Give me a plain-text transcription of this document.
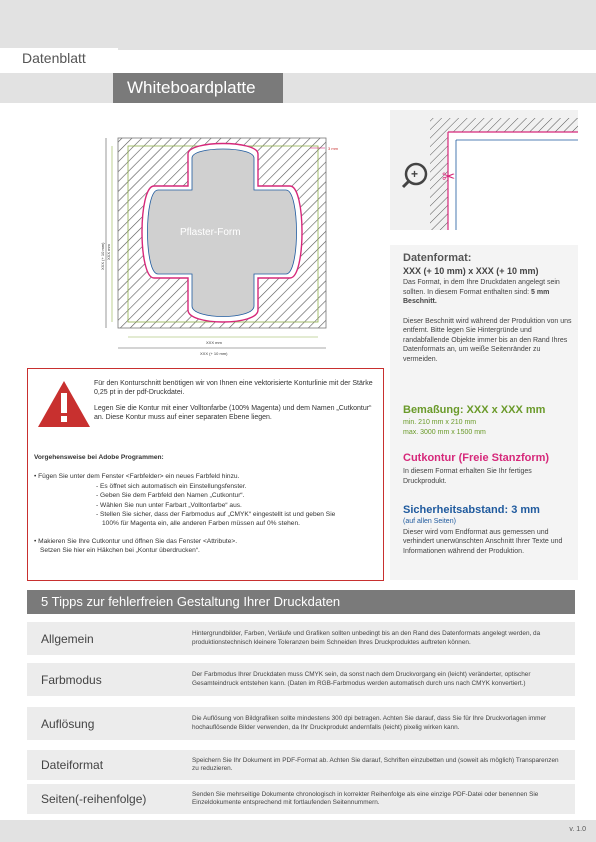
Datenblatt
Whiteboardplatte
Pflaster-Form
3 mm
XXX mm
XXX (+ 10 mm)
XXX (+ 10 mm) XXX mm
+ ✂
Datenformat:
XXX (+ 10 mm) x XXX (+ 10 mm)
Das Format, in dem Ihre Druckdaten angelegt sein sollten. In diesem Format enthalten sind: 5 mm Beschnitt.
Dieser Beschnitt wird während der Produktion von uns entfernt. Bitte legen Sie Hintergründe und randabfallende Objekte immer bis an den Rand Ihres Datenformats an, um weiße Seitenränder zu vermeiden.
Bemaßung: XXX x XXX mm
min. 210 mm x 210 mm
max. 3000 mm x 1500 mm
Cutkontur (Freie Stanzform)
In diesem Format erhalten Sie Ihr fertiges Druckprodukt.
Sicherheitsabstand: 3 mm
(auf allen Seiten)
Dieser wird vom Endformat aus gemessen und verhindert unerwünschten Anschnitt Ihrer Texte und Informationen während der Produktion.
Für den Konturschnitt benötigen wir von Ihnen eine vektorisierte Konturlinie mit der Stärke 0,25 pt in der pdf-Druckdatei.
Legen Sie die Kontur mit einer Volltonfarbe (100% Magenta) und dem Namen „Cutkontur“ an. Diese Kontur muss auf einer separaten Ebene liegen.
Vorgehensweise bei Adobe Programmen:
• Fügen Sie unter dem Fenster <Farbfelder> ein neues Farbfeld hinzu.
- Es öffnet sich automatisch ein Einstellungsfenster.
- Geben Sie dem Farbfeld den Namen „Cutkontur“.
- Wählen Sie nun unter Farbart „Volltonfarbe“ aus.
- Stellen Sie sicher, dass der Farbmodus auf „CMYK“ eingestellt ist und geben Sie
100% für Magenta ein, alle anderen Farben müssen auf 0% stehen.
• Makieren Sie Ihre Cutkontur und öffnen Sie das Fenster <Attribute>.
Setzen Sie hier ein Häkchen bei „Kontur überdrucken“.
5 Tipps zur fehlerfreien Gestaltung Ihrer Druckdaten
Allgemein	Hintergrundbilder, Farben, Verläufe und Grafiken sollten unbedingt bis an den Rand des Datenformats angelegt werden, da produktionstechnisch kleinere Toleranzen beim Schneiden Ihres Druckproduktes auftreten können.
Farbmodus	Der Farbmodus Ihrer Druckdaten muss CMYK sein, da sonst nach dem Druckvorgang ein (leicht) veränderter, optischer Gesamteindruck entstehen kann. (Daten im RGB-Farbmodus werden automatisch durch uns nach CMYK konvertiert.)
Auflösung	Die Auflösung von Bildgrafiken sollte mindestens 300 dpi betragen. Achten Sie darauf, dass Sie für Ihre Druckvorlagen immer hochauflösende Bilder verwenden, da Ihr Druckprodukt andernfalls (leicht) pixelig wirken kann.
Dateiformat	Speichern Sie Ihr Dokument im PDF-Format ab. Achten Sie darauf, Schriften einzubetten und (soweit als möglich) Transparenzen zu reduzieren.
Seiten(-reihenfolge)	Senden Sie mehrseitige Dokumente chronologisch in korrekter Reihenfolge als eine einzige PDF-Datei oder benennen Sie Einzeldokumente entsprechend mit fortlaufenden Seitennummern.
v. 1.0
